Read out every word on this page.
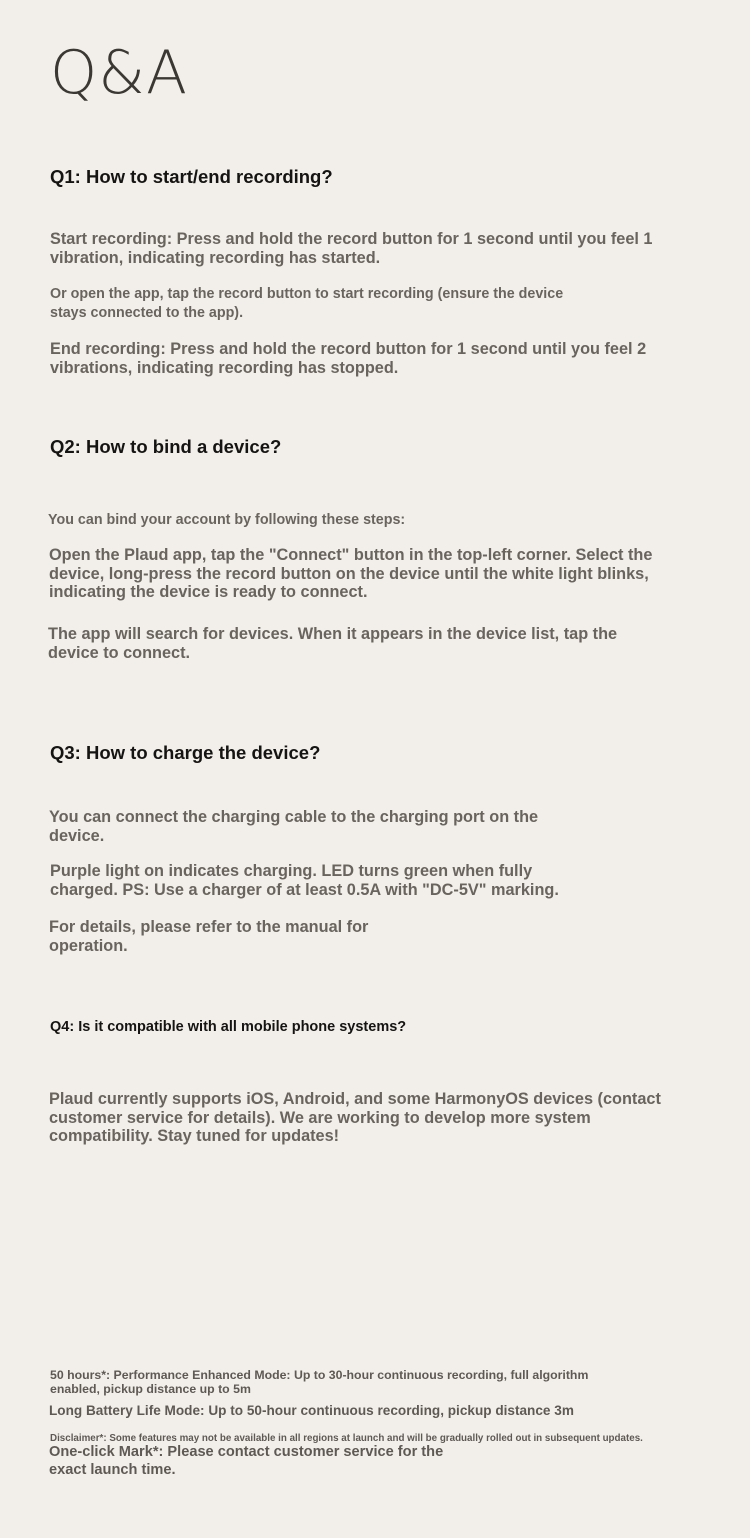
Q&A
Q1: How to start/end recording?
Start recording: Press and hold the record button for 1 second until you feel 1
vibration, indicating recording has started.
Or open the app, tap the record button to start recording (ensure the device
stays connected to the app).
End recording: Press and hold the record button for 1 second until you feel 2
vibrations, indicating recording has stopped.
Q2: How to bind a device?
You can bind your account by following these steps:
Open the Plaud app, tap the "Connect" button in the top-left corner. Select the
device, long-press the record button on the device until the white light blinks,
indicating the device is ready to connect.
The app will search for devices. When it appears in the device list, tap the
device to connect.
Q3: How to charge the device?
You can connect the charging cable to the charging port on the
device.
Purple light on indicates charging. LED turns green when fully
charged. PS: Use a charger of at least 0.5A with "DC-5V" marking.
For details, please refer to the manual for
operation.
Q4: Is it compatible with all mobile phone systems?
Plaud currently supports iOS, Android, and some HarmonyOS devices (contact
customer service for details). We are working to develop more system
compatibility. Stay tuned for updates!
50 hours*: Performance Enhanced Mode: Up to 30-hour continuous recording, full algorithm
enabled, pickup distance up to 5m
Long Battery Life Mode: Up to 50-hour continuous recording, pickup distance 3m
Disclaimer*: Some features may not be available in all regions at launch and will be gradually rolled out in subsequent updates.
One-click Mark*: Please contact customer service for the
exact launch time.
